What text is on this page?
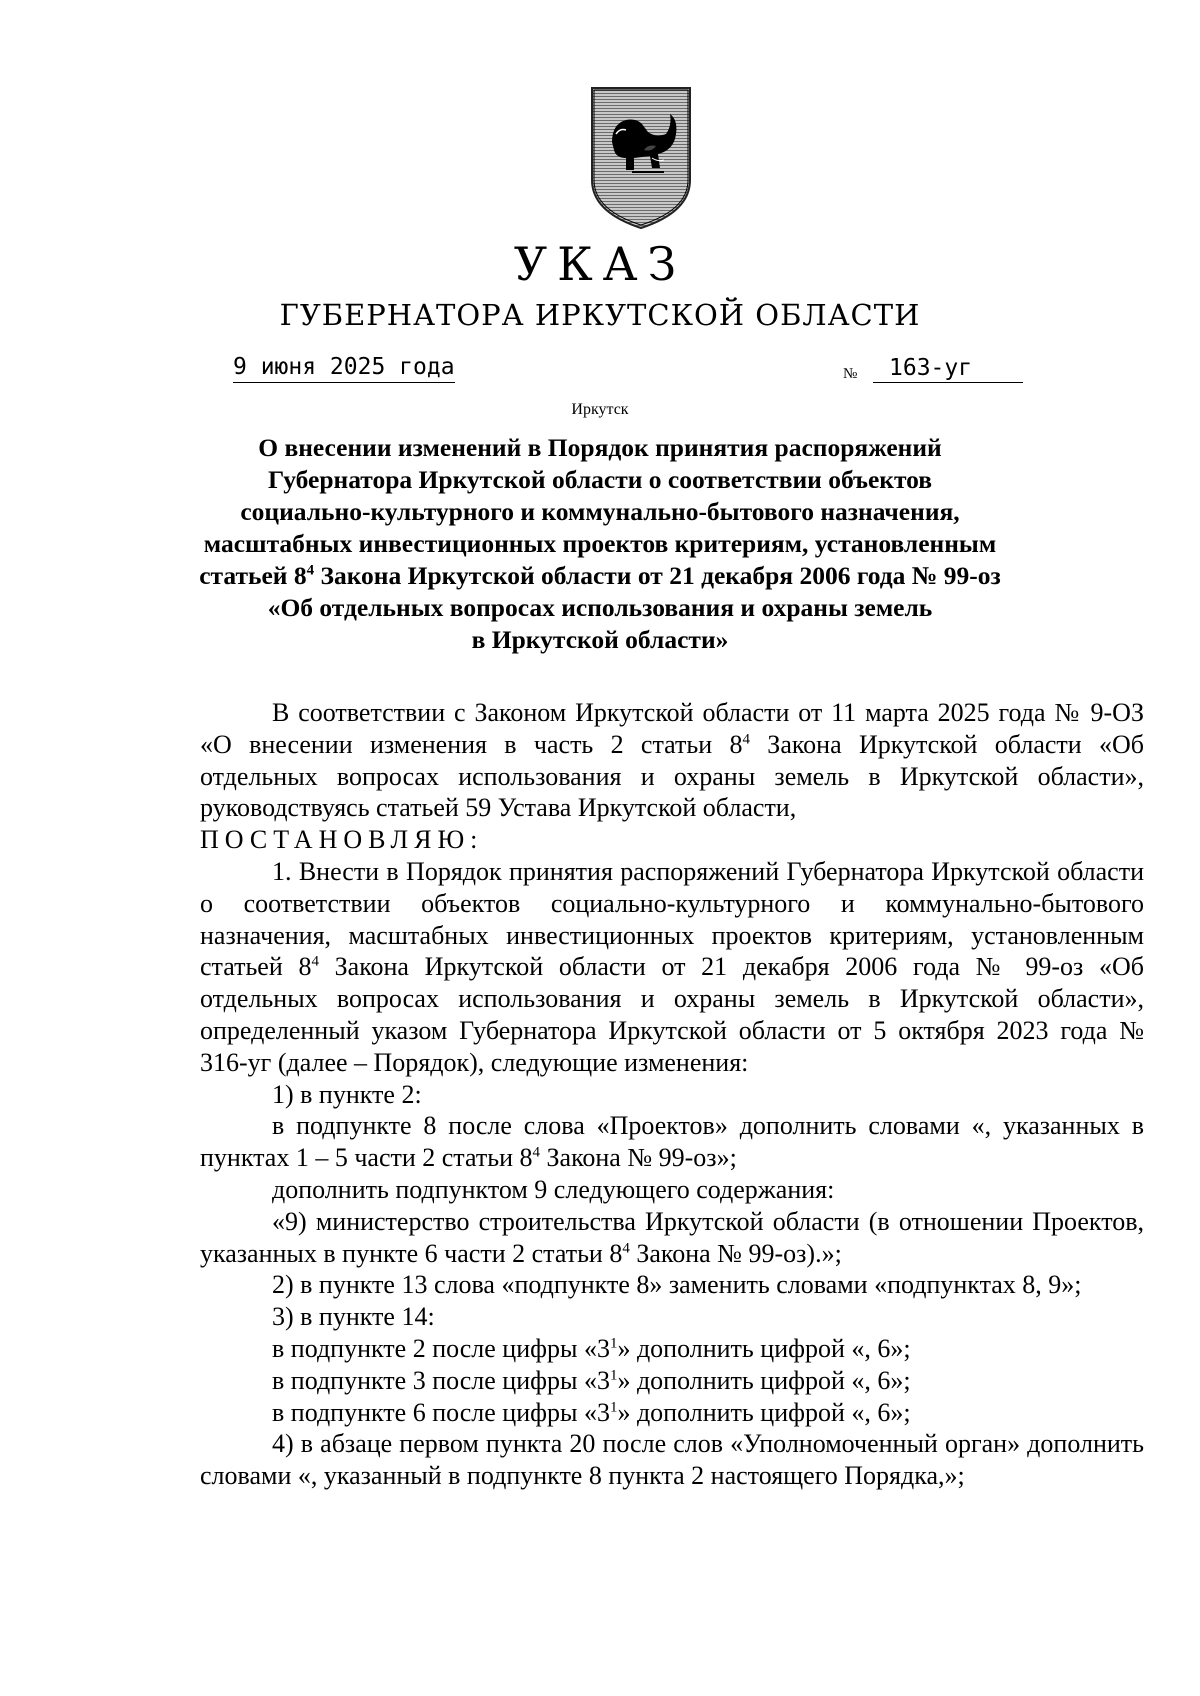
УКАЗ
ГУБЕРНАТОРА ИРКУТСКОЙ ОБЛАСТИ
9 июня 2025 года	№	163-уг
Иркутск
О внесении изменений в Порядок принятия распоряжений
Губернатора Иркутской области о соответствии объектов
социально-культурного и коммунально-бытового назначения,
масштабных инвестиционных проектов критериям, установленным
статьей $8^4$ Закона Иркутской области от 21 декабря 2006 года № 99-оз
«Об отдельных вопросах использования и охраны земель
в Иркутской области»

В соответствии с Законом Иркутской области от 11 марта 2025 года № 9-ОЗ «О внесении изменения в часть 2 статьи $8^4$ Закона Иркутской области «Об отдельных вопросах использования и охраны земель в Иркутской области», руководствуясь статьей 59 Устава Иркутской области,

ПОСТАНОВЛЯЮ:

1. Внести в Порядок принятия распоряжений Губернатора Иркутской области о соответствии объектов социально-культурного и коммунально-бытового назначения, масштабных инвестиционных проектов критериям, установленным статьей $8^4$ Закона Иркутской области от 21 декабря 2006 года № 99-оз «Об отдельных вопросах использования и охраны земель в Иркутской области», определенный указом Губернатора Иркутской области от 5 октября 2023 года № 316-уг (далее – Порядок), следующие изменения:

1) в пункте 2:

в подпункте 8 после слова «Проектов» дополнить словами «, указанных в пунктах 1 – 5 части 2 статьи $8^4$ Закона № 99-оз»;

дополнить подпунктом 9 следующего содержания:

«9) министерство строительства Иркутской области (в отношении Проектов, указанных в пункте 6 части 2 статьи $8^4$ Закона № 99-оз).»;

2) в пункте 13 слова «подпункте 8» заменить словами «подпунктах 8, 9»;

3) в пункте 14:

в подпункте 2 после цифры «$3^1$» дополнить цифрой «, 6»;

в подпункте 3 после цифры «$3^1$» дополнить цифрой «, 6»;

в подпункте 6 после цифры «$3^1$» дополнить цифрой «, 6»;

4) в абзаце первом пункта 20 после слов «Уполномоченный орган» дополнить словами «, указанный в подпункте 8 пункта 2 настоящего Порядка,»;
